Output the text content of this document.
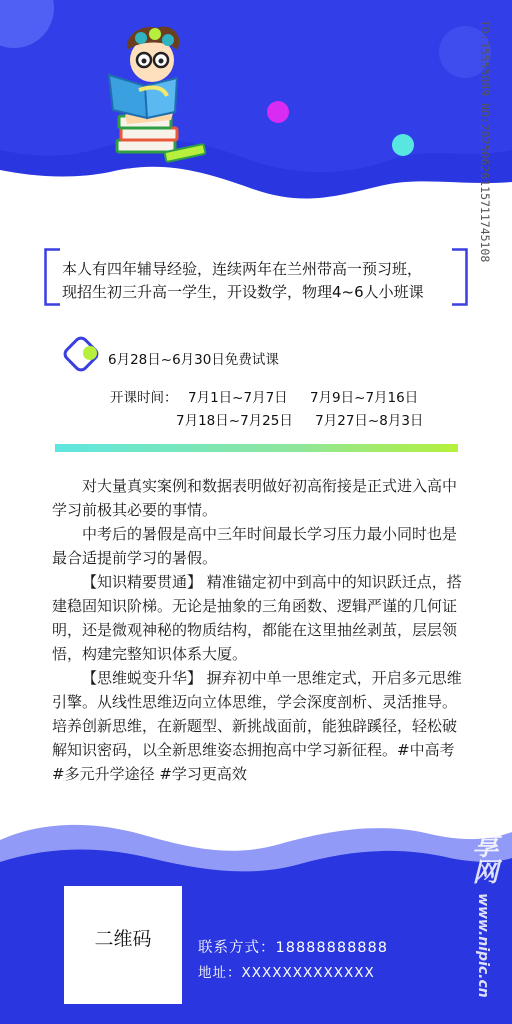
本人有四年辅导经验，连续两年在兰州带高一预习班，
现招生初三升高一学生，开设数学，物理4~6人小班课
6月28日~6月30日免费试课
开课时间： 7月1日~7月7日 7月9日~7月16日
7月18日~7月25日 7月27日~8月3日

对大量真实案例和数据表明做好初高衔接是正式进入高中学习前极其必要的事情。

中考后的暑假是高中三年时间最长学习压力最小同时也是最合适提前学习的暑假。

【知识精要贯通】 精准锚定初中到高中的知识跃迁点，搭建稳固知识阶梯。无论是抽象的三角函数、逻辑严谨的几何证明，还是微观神秘的物质结构，都能在这里抽丝剥茧，层层领悟，构建完整知识体系大厦。

【思维蜕变升华】 摒弃初中单一思维定式，开启多元思维引擎。从线性思维迈向立体思维，学会深度剖析、灵活推导。培养创新思维，在新题型、新挑战面前，能独辟蹊径，轻松破解知识密码，以全新思维姿态拥抱高中学习新征程。#中高考 #多元升学途径 #学习更高效

二维码	联系方式：18888888888
地址：XXXXXXXXXXXXX
ID:35555089 NO:20250626115711745108
昵享网 www.nipic.cn
